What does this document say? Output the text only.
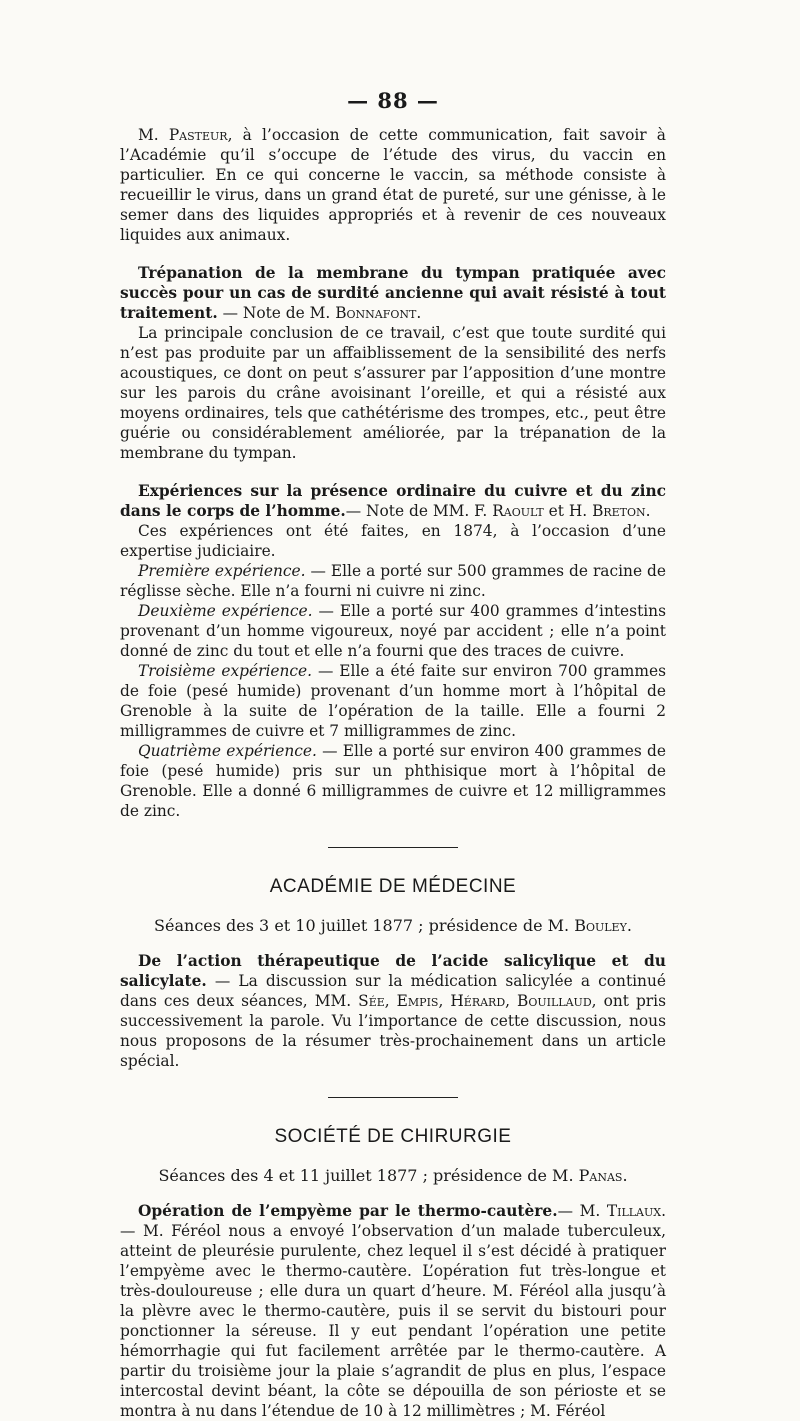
— 88 —

M. Pasteur, à l’occasion de cette communication, fait savoir à l’Académie qu’il s’occupe de l’étude des virus, du vaccin en particulier. En ce qui concerne le vaccin, sa méthode consiste à recueillir le virus, dans un grand état de pureté, sur une génisse, à le semer dans des liquides appropriés et à revenir de ces nouveaux liquides aux animaux.

Trépanation de la membrane du tympan pratiquée avec succès pour un cas de surdité ancienne qui avait résisté à tout traitement. — Note de M. Bonnafont.

La principale conclusion de ce travail, c’est que toute surdité qui n’est pas produite par un affaiblissement de la sensibilité des nerfs acoustiques, ce dont on peut s’assurer par l’apposition d’une montre sur les parois du crâne avoisinant l’oreille, et qui a résisté aux moyens ordinaires, tels que cathétérisme des trompes, etc., peut être guérie ou considérablement améliorée, par la trépanation de la membrane du tympan.

Expériences sur la présence ordinaire du cuivre et du zinc dans le corps de l’homme.— Note de MM. F. Raoult et H. Breton.

Ces expériences ont été faites, en 1874, à l’occasion d’une expertise judiciaire.

Première expérience. — Elle a porté sur 500 grammes de racine de réglisse sèche. Elle n’a fourni ni cuivre ni zinc.

Deuxième expérience. — Elle a porté sur 400 grammes d’intestins provenant d’un homme vigoureux, noyé par accident ; elle n’a point donné de zinc du tout et elle n’a fourni que des traces de cuivre.

Troisième expérience. — Elle a été faite sur environ 700 grammes de foie (pesé humide) provenant d’un homme mort à l’hôpital de Grenoble à la suite de l’opération de la taille. Elle a fourni 2 milligrammes de cuivre et 7 milligrammes de zinc.

Quatrième expérience. — Elle a porté sur environ 400 grammes de foie (pesé humide) pris sur un phthisique mort à l’hôpital de Grenoble. Elle a donné 6 milligrammes de cuivre et 12 milligrammes de zinc.

ACADÉMIE DE MÉDECINE
Séances des 3 et 10 juillet 1877 ; présidence de M. Bouley.

De l’action thérapeutique de l’acide salicylique et du salicylate. — La discussion sur la médication salicylée a continué dans ces deux séances, MM. Sée, Empis, Hérard, Bouillaud, ont pris successivement la parole. Vu l’importance de cette discussion, nous nous proposons de la résumer très-prochainement dans un article spécial.

SOCIÉTÉ DE CHIRURGIE
Séances des 4 et 11 juillet 1877 ; présidence de M. Panas.

Opération de l’empyème par le thermo-cautère.— M. Tillaux. — M. Féréol nous a envoyé l’observation d’un malade tuberculeux, atteint de pleurésie purulente, chez lequel il s’est décidé à pratiquer l’empyème avec le thermo-cautère. L’opération fut très-longue et très-douloureuse ; elle dura un quart d’heure. M. Féréol alla jusqu’à la plèvre avec le thermo-cautère, puis il se servit du bistouri pour ponctionner la séreuse. Il y eut pendant l’opération une petite hémorrhagie qui fut facilement arrêtée par le thermo-cautère. A partir du troisième jour la plaie s’agrandit de plus en plus, l’espace intercostal devint béant, la côte se dépouilla de son périoste et se montra à nu dans l’étendue de 10 à 12 millimètres ; M. Féréol
